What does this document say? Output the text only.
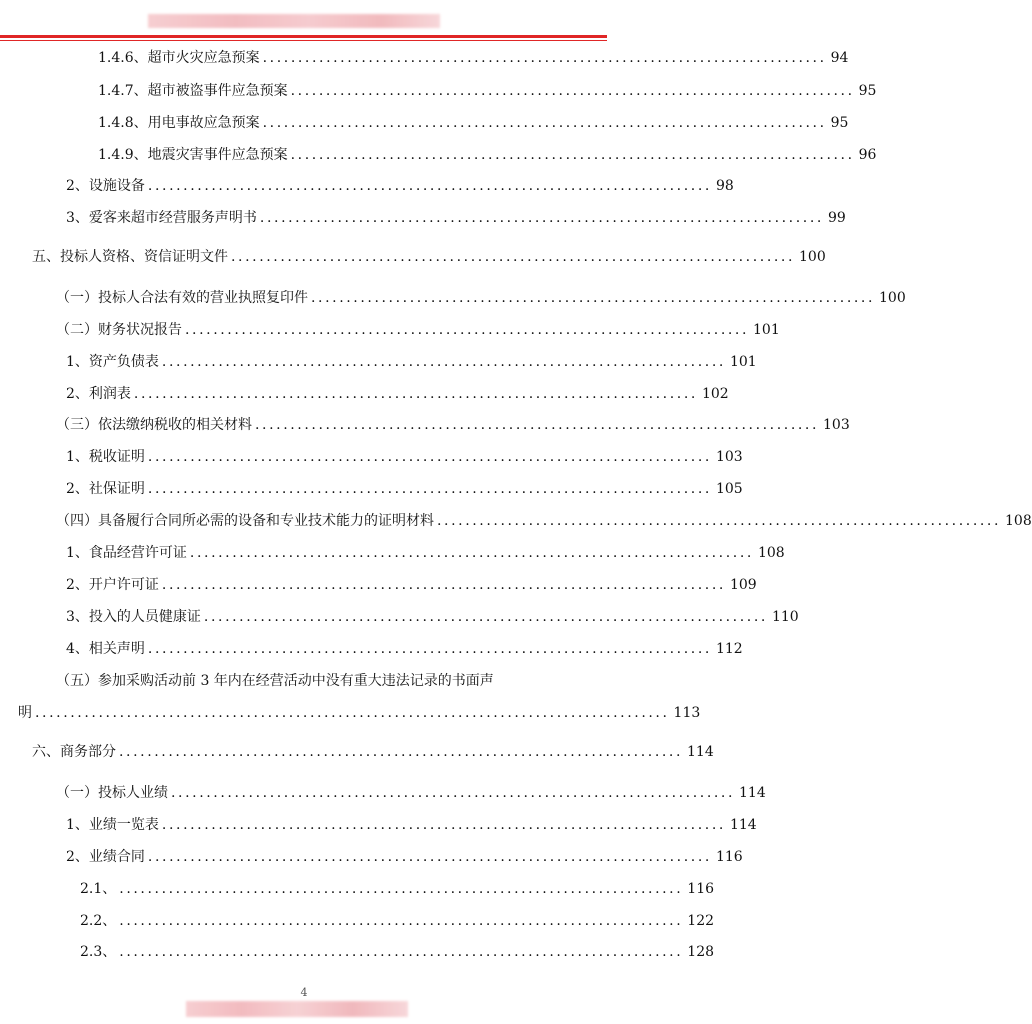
1.4.6、超市火灾应急预案 ................................................................................ 94
1.4.7、超市被盗事件应急预案 ................................................................................ 95
1.4.8、用电事故应急预案 ................................................................................ 95
1.4.9、地震灾害事件应急预案 ................................................................................ 96
2、设施设备 ................................................................................ 98
3、爱客来超市经营服务声明书 ................................................................................ 99
五、投标人资格、资信证明文件 ................................................................................ 100
（一）投标人合法有效的营业执照复印件 ................................................................................ 100
（二）财务状况报告 ................................................................................ 101
1、资产负债表 ................................................................................ 101
2、利润表 ................................................................................ 102
（三）依法缴纳税收的相关材料 ................................................................................ 103
1、税收证明 ................................................................................ 103
2、社保证明 ................................................................................ 105
（四）具备履行合同所必需的设备和专业技术能力的证明材料 ................................................................................ 108
1、食品经营许可证 ................................................................................ 108
2、开户许可证 ................................................................................ 109
3、投入的人员健康证 ................................................................................ 110
4、相关声明 ................................................................................ 112
（五）参加采购活动前 3 年内在经营活动中没有重大违法记录的书面声
明 .......................................................................................... 113
六、商务部分 ................................................................................ 114
（一）投标人业绩 ................................................................................ 114
1、业绩一览表 ................................................................................ 114
2、业绩合同 ................................................................................ 116
2.1、 ................................................................................ 116
2.2、 ................................................................................ 122
2.3、 ................................................................................ 128
4
